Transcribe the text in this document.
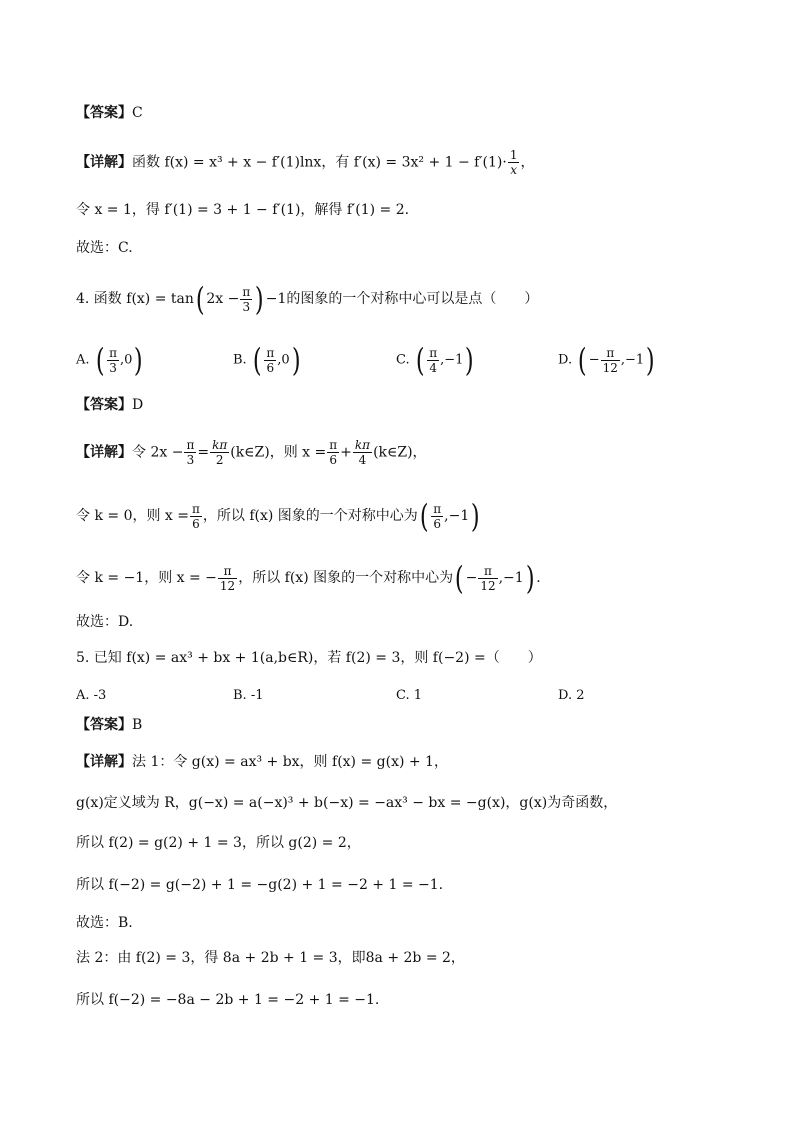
【答案】C
【详解】函数 f(x) = x³ + x − f′(1)lnx，有 $f'(x) = 3x^2 + 1 - f'(1)\cdot \frac{1}{x}$ ，
令 x = 1，得 f′(1) = 3 + 1 − f′(1)，解得 f′(1) = 2.
故选：C.
4. 函数 f(x) = tan( $2x - \frac{\pi}{3}$ ) −1的图象的一个对称中心可以是点（　　）
A. ( $\frac{\pi}{3} ,0$)	B. ( $\frac{\pi}{6} ,0$)	C. ( $\frac{\pi}{4} ,-1$)	D. ( − $\frac{\pi}{12} ,-1$)
【答案】D
【详解】令 $2x - \frac{\pi}{3} = \frac{k\pi}{2}$ (k∈Z)，则 $x = \frac{\pi}{6} + \frac{k\pi}{4}$ (k∈Z)，
令 k = 0，则 $x = \frac{\pi}{6}$ ，所以 f(x) 图象的一个对称中心为( $\frac{\pi}{6} ,-1$)
令 k = −1，则 x = − $\frac{\pi}{12}$ ，所以 f(x) 图象的一个对称中心为( − $\frac{\pi}{12} ,-1$) .
故选：D.
5. 已知 f(x) = ax³ + bx + 1(a,b∈R)，若 f(2) = 3，则 f(−2) =（　　）
A. -3	B. -1	C. 1	D. 2
【答案】B
【详解】法 1：令 g(x) = ax³ + bx，则 f(x) = g(x) + 1，
g(x)定义域为 R，g(−x) = a(−x)³ + b(−x) = −ax³ − bx = −g(x)，g(x)为奇函数，
所以 f(2) = g(2) + 1 = 3，所以 g(2) = 2，
所以 f(−2) = g(−2) + 1 = −g(2) + 1 = −2 + 1 = −1.
故选：B.
法 2：由 f(2) = 3，得 8a + 2b + 1 = 3，即8a + 2b = 2，
所以 f(−2) = −8a − 2b + 1 = −2 + 1 = −1.
